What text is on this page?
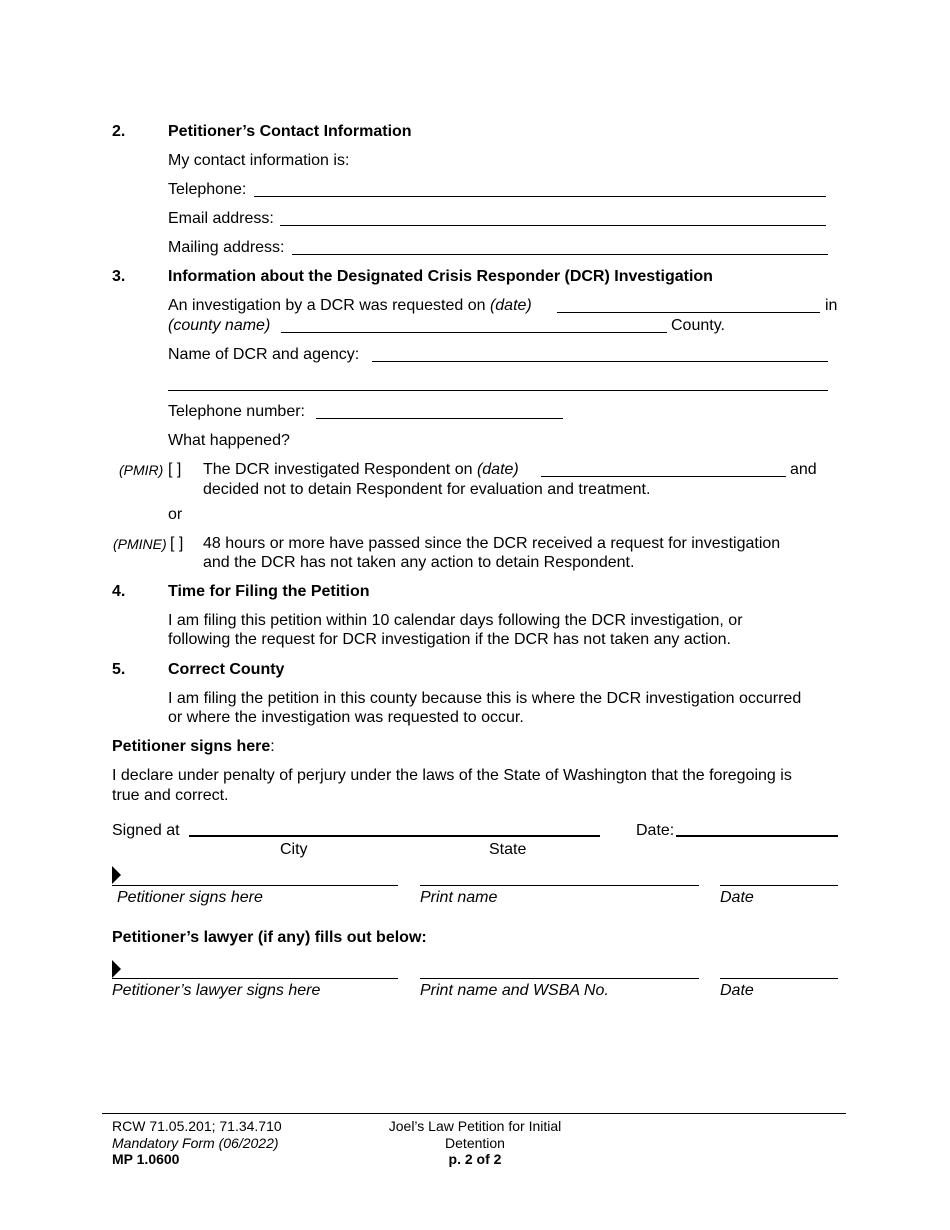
2.	Petitioner’s Contact Information
My contact information is:
Telephone:
Email address:
Mailing address:
3.	Information about the Designated Crisis Responder (DCR) Investigation
An investigation by a DCR was requested on (date)	in
(county name)	County.
Name of DCR and agency:
Telephone number:
What happened?
(PMIR) [ ] The DCR investigated Respondent on (date)	and
decided not to detain Respondent for evaluation and treatment.
or
(PMINE) [ ] 48 hours or more have passed since the DCR received a request for investigation
and the DCR has not taken any action to detain Respondent.
4.	Time for Filing the Petition
I am filing this petition within 10 calendar days following the DCR investigation, or
following the request for DCR investigation if the DCR has not taken any action.
5.	Correct County
I am filing the petition in this county because this is where the DCR investigation occurred
or where the investigation was requested to occur.
Petitioner signs here:
I declare under penalty of perjury under the laws of the State of Washington that the foregoing is
true and correct.
Signed at	Date:
City	State
Petitioner signs here	Print name	Date
Petitioner’s lawyer (if any) fills out below:
Petitioner’s lawyer signs here	Print name and WSBA No.	Date
RCW 71.05.201; 71.34.710
Mandatory Form (06/2022)
MP 1.0600
Joel’s Law Petition for Initial
Detention
p. 2 of 2
